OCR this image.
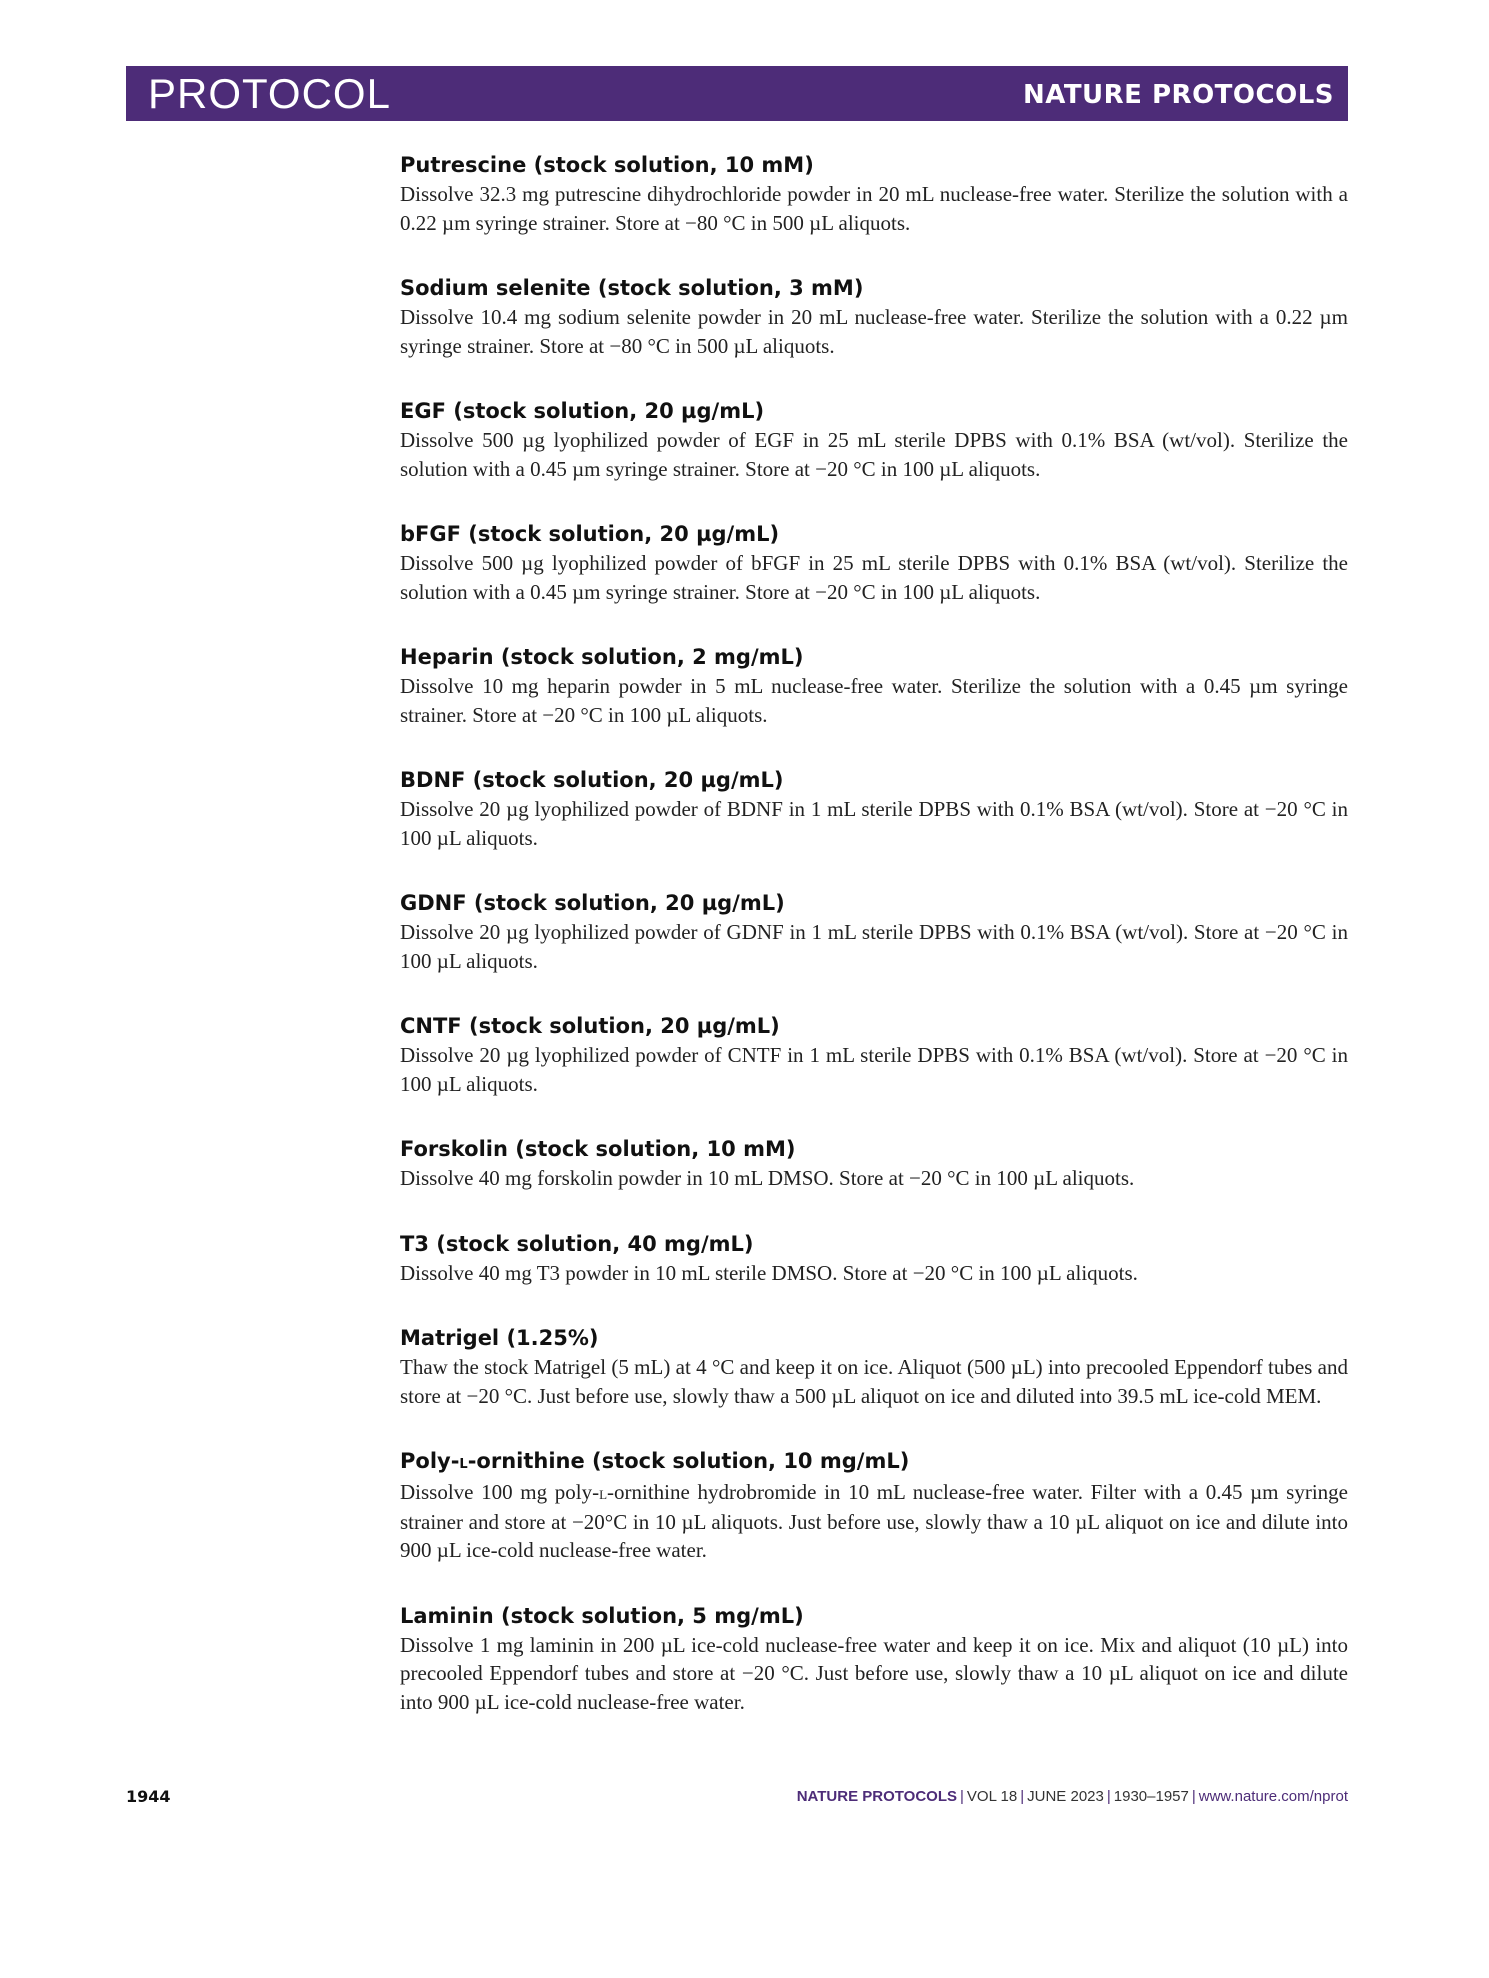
PROTOCOL	NATURE PROTOCOLS

Putrescine (stock solution, 10 mM)

Dissolve 32.3 mg putrescine dihydrochloride powder in 20 mL nuclease-free water. Sterilize the solution with a 0.22 µm syringe strainer. Store at −80 °C in 500 µL aliquots.

Sodium selenite (stock solution, 3 mM)

Dissolve 10.4 mg sodium selenite powder in 20 mL nuclease-free water. Sterilize the solution with a 0.22 µm syringe strainer. Store at −80 °C in 500 µL aliquots.

EGF (stock solution, 20 µg/mL)

Dissolve 500 µg lyophilized powder of EGF in 25 mL sterile DPBS with 0.1% BSA (wt/vol). Sterilize the solution with a 0.45 µm syringe strainer. Store at −20 °C in 100 µL aliquots.

bFGF (stock solution, 20 µg/mL)

Dissolve 500 µg lyophilized powder of bFGF in 25 mL sterile DPBS with 0.1% BSA (wt/vol). Sterilize the solution with a 0.45 µm syringe strainer. Store at −20 °C in 100 µL aliquots.

Heparin (stock solution, 2 mg/mL)

Dissolve 10 mg heparin powder in 5 mL nuclease-free water. Sterilize the solution with a 0.45 µm syringe strainer. Store at −20 °C in 100 µL aliquots.

BDNF (stock solution, 20 µg/mL)

Dissolve 20 µg lyophilized powder of BDNF in 1 mL sterile DPBS with 0.1% BSA (wt/vol). Store at −20 °C in 100 µL aliquots.

GDNF (stock solution, 20 µg/mL)

Dissolve 20 µg lyophilized powder of GDNF in 1 mL sterile DPBS with 0.1% BSA (wt/vol). Store at −20 °C in 100 µL aliquots.

CNTF (stock solution, 20 µg/mL)

Dissolve 20 µg lyophilized powder of CNTF in 1 mL sterile DPBS with 0.1% BSA (wt/vol). Store at −20 °C in 100 µL aliquots.

Forskolin (stock solution, 10 mM)

Dissolve 40 mg forskolin powder in 10 mL DMSO. Store at −20 °C in 100 µL aliquots.

T3 (stock solution, 40 mg/mL)

Dissolve 40 mg T3 powder in 10 mL sterile DMSO. Store at −20 °C in 100 µL aliquots.

Matrigel (1.25%)

Thaw the stock Matrigel (5 mL) at 4 °C and keep it on ice. Aliquot (500 µL) into precooled Eppendorf tubes and store at −20 °C. Just before use, slowly thaw a 500 µL aliquot on ice and diluted into 39.5 mL ice-cold MEM.

Poly-l-ornithine (stock solution, 10 mg/mL)

Dissolve 100 mg poly-l-ornithine hydrobromide in 10 mL nuclease-free water. Filter with a 0.45 µm syringe strainer and store at −20°C in 10 µL aliquots. Just before use, slowly thaw a 10 µL aliquot on ice and dilute into 900 µL ice-cold nuclease-free water.

Laminin (stock solution, 5 mg/mL)

Dissolve 1 mg laminin in 200 µL ice-cold nuclease-free water and keep it on ice. Mix and aliquot (10 µL) into precooled Eppendorf tubes and store at −20 °C. Just before use, slowly thaw a 10 µL aliquot on ice and dilute into 900 µL ice-cold nuclease-free water.

1944	NATURE PROTOCOLS | VOL 18 | JUNE 2023 | 1930–1957 | www.nature.com/nprot
